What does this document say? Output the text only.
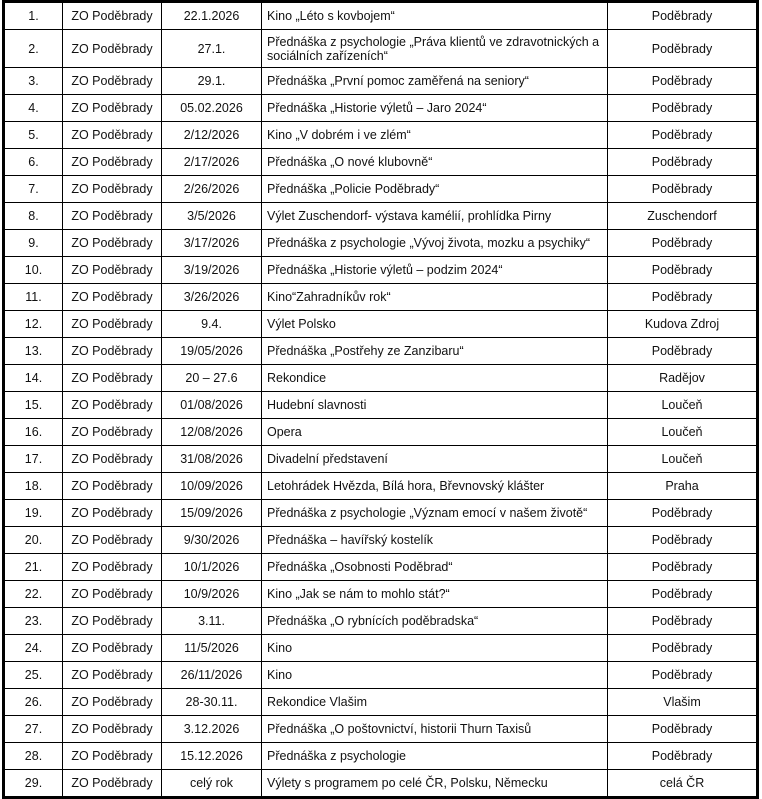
1.	ZO Poděbrady	22.1.2026	Kino „Léto s kovbojem“	Poděbrady
2.	ZO Poděbrady	27.1.	Přednáška z psychologie „Práva klientů ve zdravotnických a sociálních zařízeních“	Poděbrady
3.	ZO Poděbrady	29.1.	Přednáška „První pomoc zaměřená na seniory“	Poděbrady
4.	ZO Poděbrady	05.02.2026	Přednáška „Historie výletů – Jaro 2024“	Poděbrady
5.	ZO Poděbrady	2/12/2026	Kino „V dobrém i ve zlém“	Poděbrady
6.	ZO Poděbrady	2/17/2026	Přednáška „O nové klubovně“	Poděbrady
7.	ZO Poděbrady	2/26/2026	Přednáška „Policie Poděbrady“	Poděbrady
8.	ZO Poděbrady	3/5/2026	Výlet Zuschendorf- výstava kamélií, prohlídka Pirny	Zuschendorf
9.	ZO Poděbrady	3/17/2026	Přednáška z psychologie „Vývoj života, mozku a psychiky“	Poděbrady
10.	ZO Poděbrady	3/19/2026	Přednáška „Historie výletů – podzim 2024“	Poděbrady
11.	ZO Poděbrady	3/26/2026	Kino“Zahradníkův rok“	Poděbrady
12.	ZO Poděbrady	9.4.	Výlet Polsko	Kudova Zdroj
13.	ZO Poděbrady	19/05/2026	Přednáška „Postřehy ze Zanzibaru“	Poděbrady
14.	ZO Poděbrady	20 – 27.6	Rekondice	Radějov
15.	ZO Poděbrady	01/08/2026	Hudební slavnosti	Loučeň
16.	ZO Poděbrady	12/08/2026	Opera	Loučeň
17.	ZO Poděbrady	31/08/2026	Divadelní představení	Loučeň
18.	ZO Poděbrady	10/09/2026	Letohrádek Hvězda, Bílá hora, Břevnovský klášter	Praha
19.	ZO Poděbrady	15/09/2026	Přednáška z psychologie „Význam emocí v našem životě“	Poděbrady
20.	ZO Poděbrady	9/30/2026	Přednáška – havířský kostelík	Poděbrady
21.	ZO Poděbrady	10/1/2026	Přednáška „Osobnosti Poděbrad“	Poděbrady
22.	ZO Poděbrady	10/9/2026	Kino „Jak se nám to mohlo stát?“	Poděbrady
23.	ZO Poděbrady	3.11.	Přednáška „O rybnících poděbradska“	Poděbrady
24.	ZO Poděbrady	11/5/2026	Kino	Poděbrady
25.	ZO Poděbrady	26/11/2026	Kino	Poděbrady
26.	ZO Poděbrady	28-30.11.	Rekondice Vlašim	Vlašim
27.	ZO Poděbrady	3.12.2026	Přednáška „O poštovnictví, historii Thurn Taxisů	Poděbrady
28.	ZO Poděbrady	15.12.2026	Přednáška z psychologie	Poděbrady
29.	ZO Poděbrady	celý rok	Výlety s programem po celé ČR, Polsku, Německu	celá ČR
